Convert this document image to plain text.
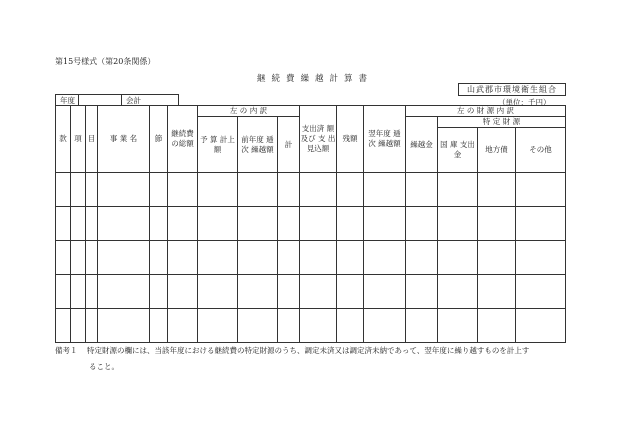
第15号様式（第20条関係）
継続費繰越計算書
山武郡市環境衛生組合
（単位：千円）
年度	会計
款	項	目	事 業 名	節	継続費の総額	左 の 内 訳			支出済 額及び 支 出 見込額	残額	翌年度 逓 次 繰越額	左 の 財 源 内 訳			
						予 算 計上額	前年度 逓 次 繰越額	計				繰越金	特 定 財 源		
													国 庫 支出金	地方債	その他

備考１ 特定財源の欄には、当該年度における継続費の特定財源のうち、調定未済又は調定済未納であって、翌年度に繰り越すものを計上す
ること。
